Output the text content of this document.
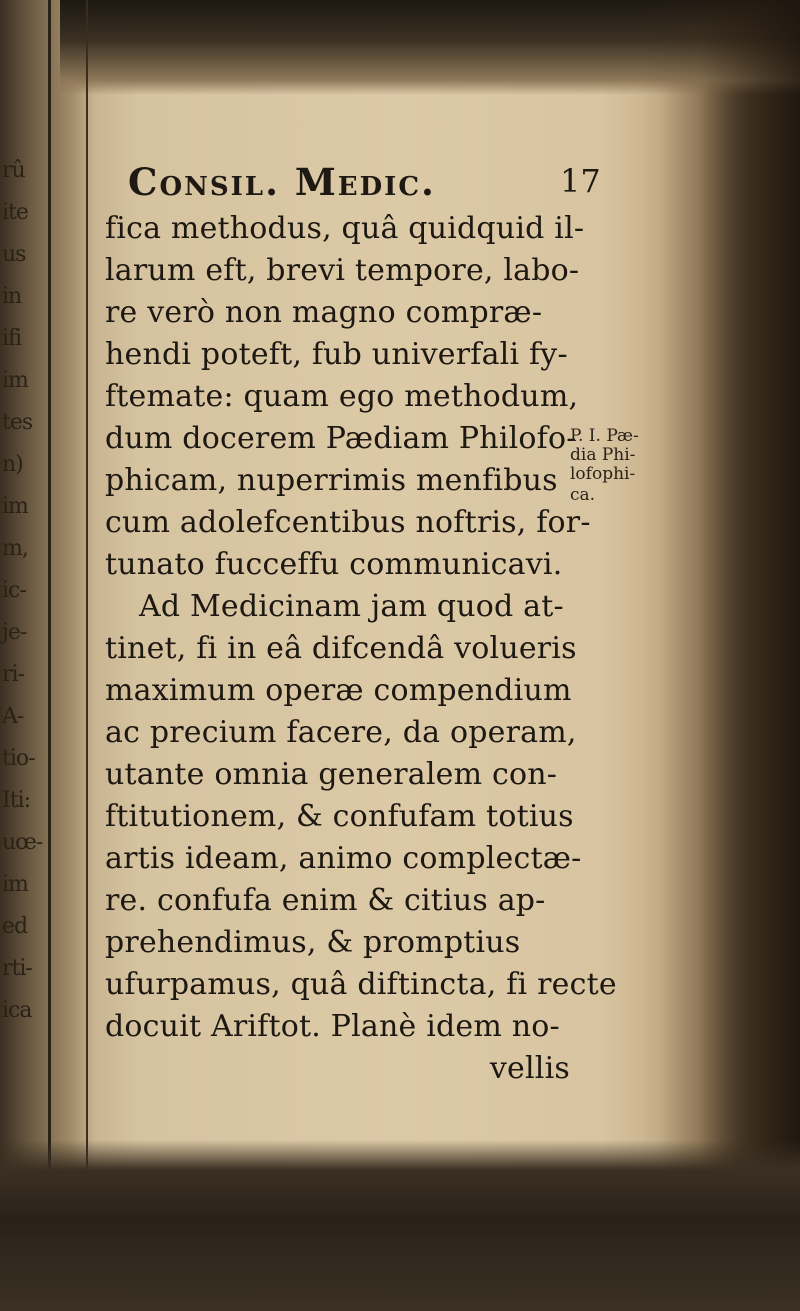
rû
ite
us
in
ifi
im
tes
n)
im
m,
ic-
je-
ri-
A-
tio-
Iti:
uœ-
im
ed
rti-
ica
Consil. Medic.	17
fica methodus, quâ quidquid il-
larum eft, brevi tempore, labo-
re verò non magno compræ-
hendi poteft, fub univerfali fy-
ftemate: quam ego methodum,
dum docerem Pædiam Philofo-
phicam, nuperrimis menfibus
cum adolefcentibus noftris, for-
tunato fucceffu communicavi.
Ad Medicinam jam quod at-
tinet, fi in eâ difcendâ volueris
maximum operæ compendium
ac precium facere, da operam,
utante omnia generalem con-
ftitutionem, & confufam totius
artis ideam, animo complectæ-
re. confufa enim & citius ap-
prehendimus, & promptius
ufurpamus, quâ diftincta, fi recte
docuit Ariftot. Planè idem no-
vellis
P. I. Pæ-
dia Phi-
lofophi-
ca.
